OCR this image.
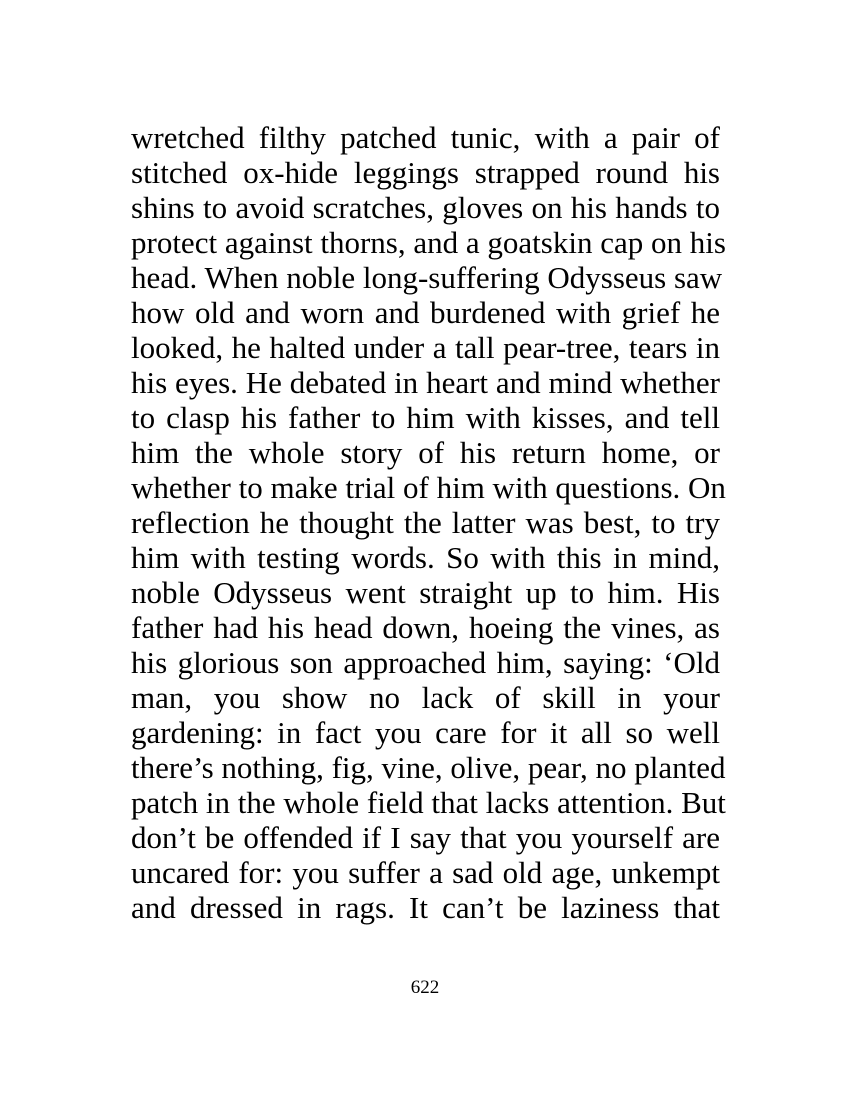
wretched filthy patched tunic, with a pair of
stitched ox-hide leggings strapped round his
shins to avoid scratches, gloves on his hands to
protect against thorns, and a goatskin cap on his
head. When noble long-suffering Odysseus saw
how old and worn and burdened with grief he
looked, he halted under a tall pear-tree, tears in
his eyes. He debated in heart and mind whether
to clasp his father to him with kisses, and tell
him the whole story of his return home, or
whether to make trial of him with questions. On
reflection he thought the latter was best, to try
him with testing words. So with this in mind,
noble Odysseus went straight up to him. His
father had his head down, hoeing the vines, as
his glorious son approached him, saying: ‘Old
man, you show no lack of skill in your
gardening: in fact you care for it all so well
there’s nothing, fig, vine, olive, pear, no planted
patch in the whole field that lacks attention. But
don’t be offended if I say that you yourself are
uncared for: you suffer a sad old age, unkempt
and dressed in rags. It can’t be laziness that
622
